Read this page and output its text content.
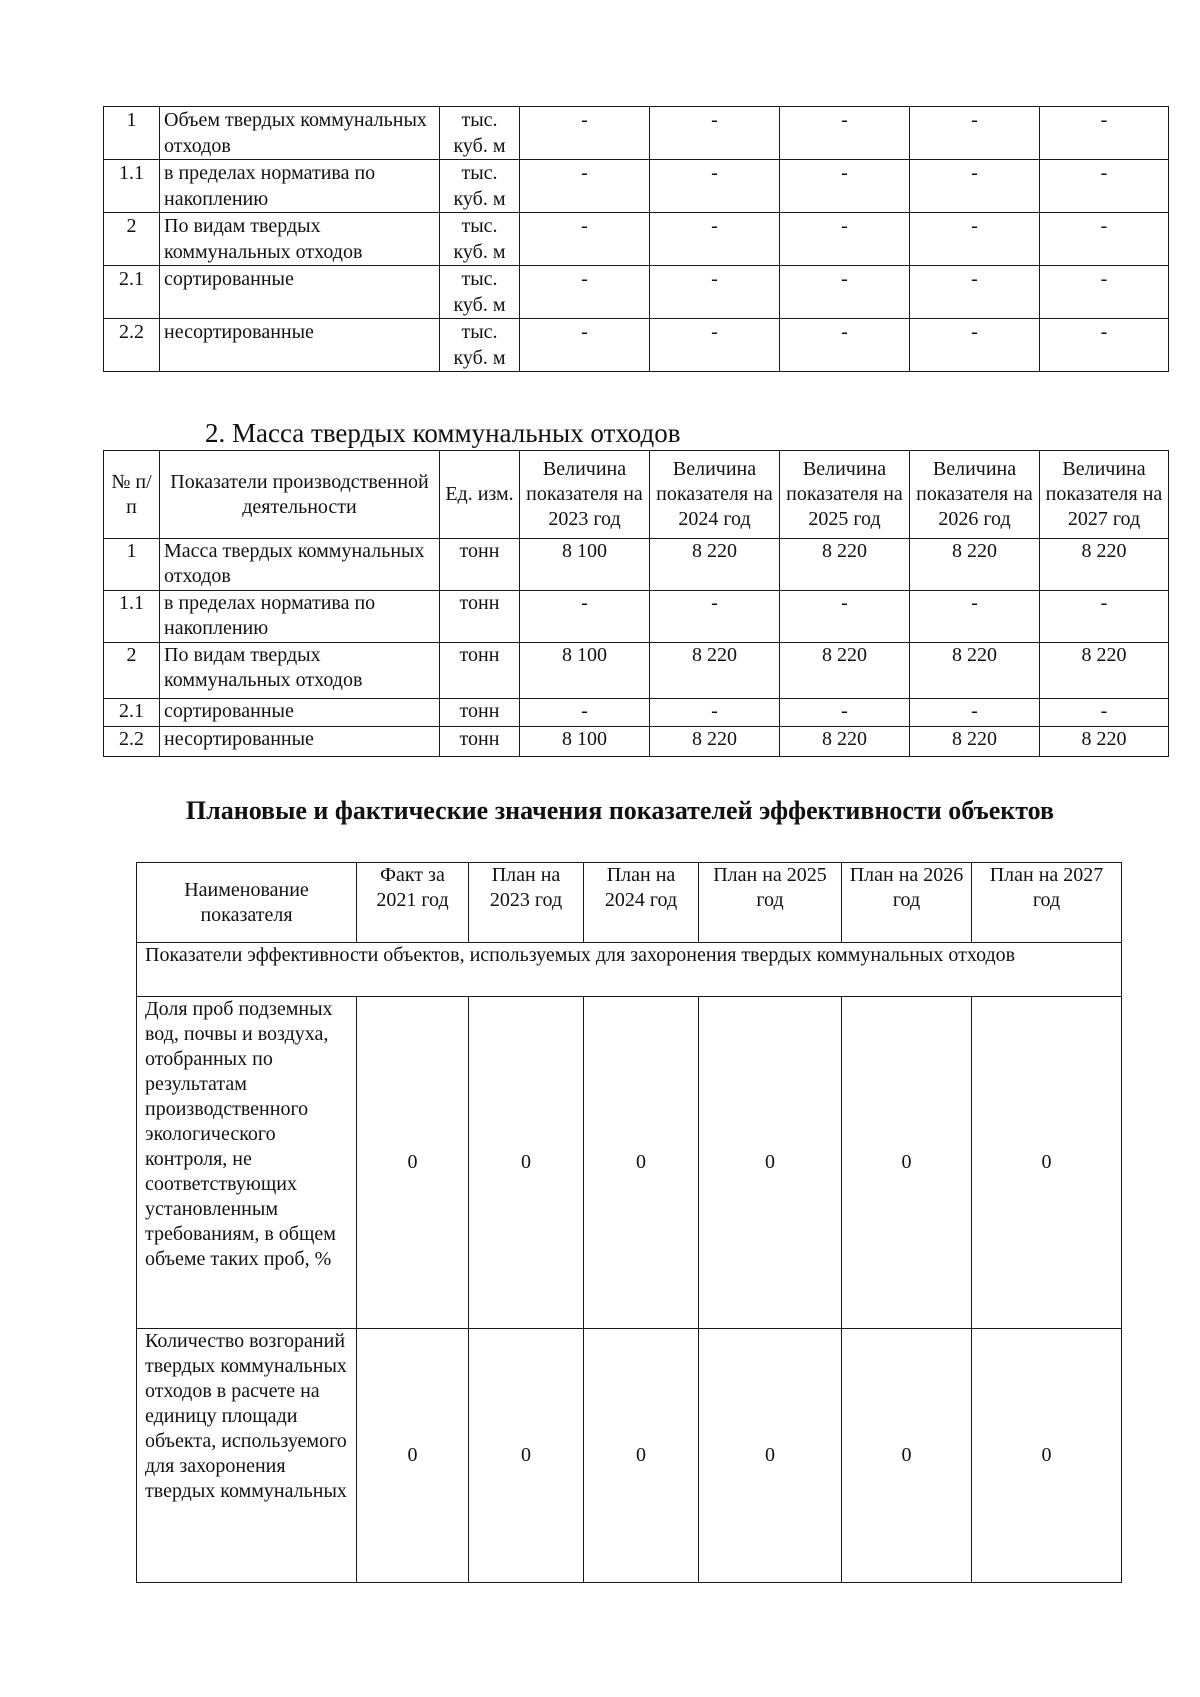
1	Объем твердых коммунальных отходов	тыс. куб. м	-	-	-	-	-
1.1	в пределах норматива по накоплению	тыс. куб. м	-	-	-	-	-
2	По видам твердых коммунальных отходов	тыс. куб. м	-	-	-	-	-
2.1	сортированные	тыс. куб. м	-	-	-	-	-
2.2	несортированные	тыс. куб. м	-	-	-	-	-
2. Масса твердых коммунальных отходов
№ п/п	Показатели производственной деятельности	Ед. изм.	Величина показателя на 2023 год	Величина показателя на 2024 год	Величина показателя на 2025 год	Величина показателя на 2026 год	Величина показателя на 2027 год
1	Масса твердых коммунальных отходов	тонн	8 100	8 220	8 220	8 220	8 220
1.1	в пределах норматива по накоплению	тонн	-	-	-	-	-
2	По видам твердых коммунальных отходов	тонн	8 100	8 220	8 220	8 220	8 220
2.1	сортированные	тонн	-	-	-	-	-
2.2	несортированные	тонн	8 100	8 220	8 220	8 220	8 220
Плановые и фактические значения показателей эффективности объектов
Наименование показателя	Факт за 2021 год	План на 2023 год	План на 2024 год	План на 2025 год	План на 2026 год	План на 2027 год
Показатели эффективности объектов, используемых для захоронения твердых коммунальных отходов						
Доля проб подземных вод, почвы и воздуха, отобранных по результатам производственного экологического контроля, не соответствующих установленным требованиям, в общем объеме таких проб, %	0	0	0	0	0	0
Количество возгораний твердых коммунальных отходов в расчете на единицу площади объекта, используемого для захоронения твердых коммунальных	0	0	0	0	0	0
